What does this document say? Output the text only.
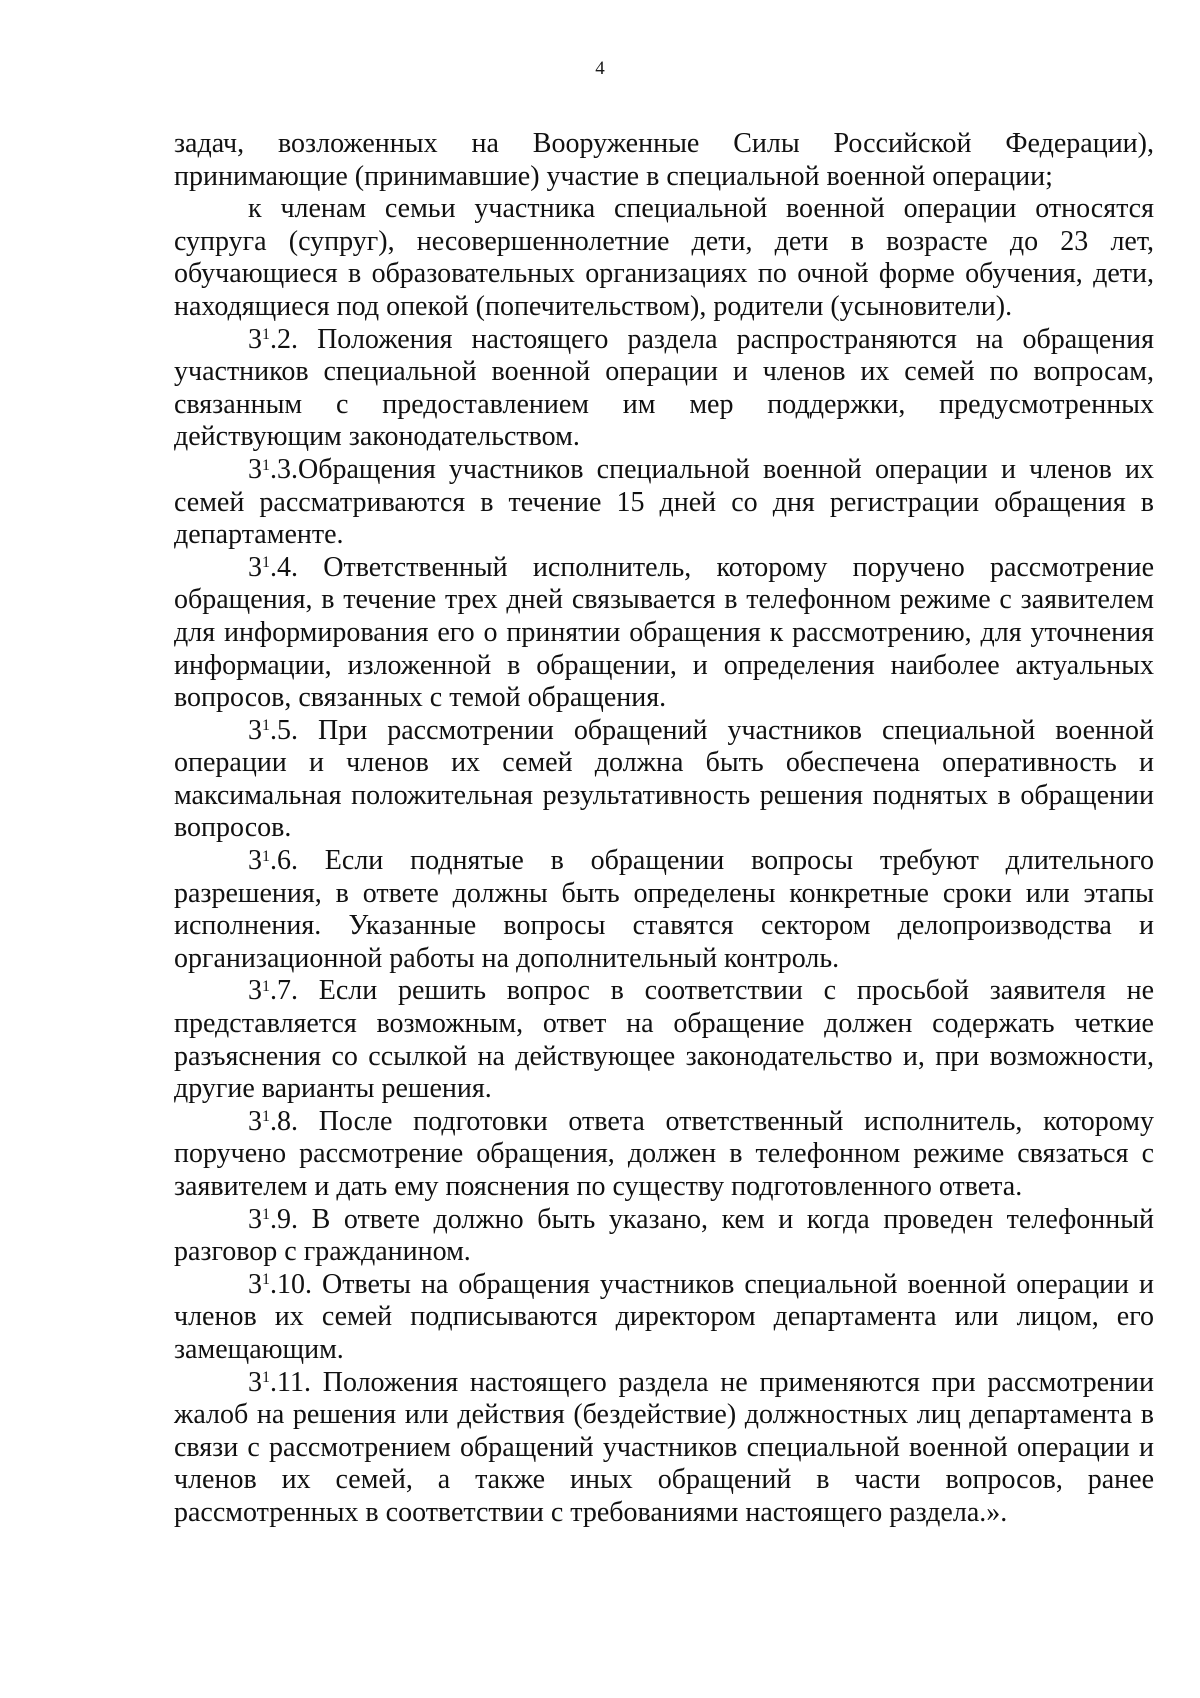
4

задач, возложенных на Вооруженные Силы Российской Федерации), принимающие (принимавшие) участие в специальной военной операции;

к членам семьи участника специальной военной операции относятся супруга (супруг), несовершеннолетние дети, дети в возрасте до 23 лет, обучающиеся в образовательных организациях по очной форме обучения, дети, находящиеся под опекой (попечительством), родители (усыновители).

$3^1.2$. Положения настоящего раздела распространяются на обращения участников специальной военной операции и членов их семей по вопросам, связанным с предоставлением им мер поддержки, предусмотренных действующим законодательством.

$3^1.3.Обращения$ участников специальной военной операции и членов их семей рассматриваются в течение 15 дней со дня регистрации обращения в департаменте.

$3^1.4$. Ответственный исполнитель, которому поручено рассмотрение обращения, в течение трех дней связывается в телефонном режиме с заявителем для информирования его о принятии обращения к рассмотрению, для уточнения информации, изложенной в обращении, и определения наиболее актуальных вопросов, связанных с темой обращения.

$3^1.5$. При рассмотрении обращений участников специальной военной операции и членов их семей должна быть обеспечена оперативность и максимальная положительная результативность решения поднятых в обращении вопросов.

$3^1.6$. Если поднятые в обращении вопросы требуют длительного разрешения, в ответе должны быть определены конкретные сроки или этапы исполнения. Указанные вопросы ставятся сектором делопроизводства и организационной работы на дополнительный контроль.

$3^1.7$. Если решить вопрос в соответствии с просьбой заявителя не представляется возможным, ответ на обращение должен содержать четкие разъяснения со ссылкой на действующее законодательство и, при возможности, другие варианты решения.

$3^1.8$. После подготовки ответа ответственный исполнитель, которому поручено рассмотрение обращения, должен в телефонном режиме связаться с заявителем и дать ему пояснения по существу подготовленного ответа.

$3^1.9$. В ответе должно быть указано, кем и когда проведен телефонный разговор с гражданином.

$3^1.10$. Ответы на обращения участников специальной военной операции и членов их семей подписываются директором департамента или лицом, его замещающим.

$3^1.11$. Положения настоящего раздела не применяются при рассмотрении жалоб на решения или действия (бездействие) должностных лиц департамента в связи с рассмотрением обращений участников специальной военной операции и членов их семей, а также иных обращений в части вопросов, ранее рассмотренных в соответствии с требованиями настоящего раздела.».
